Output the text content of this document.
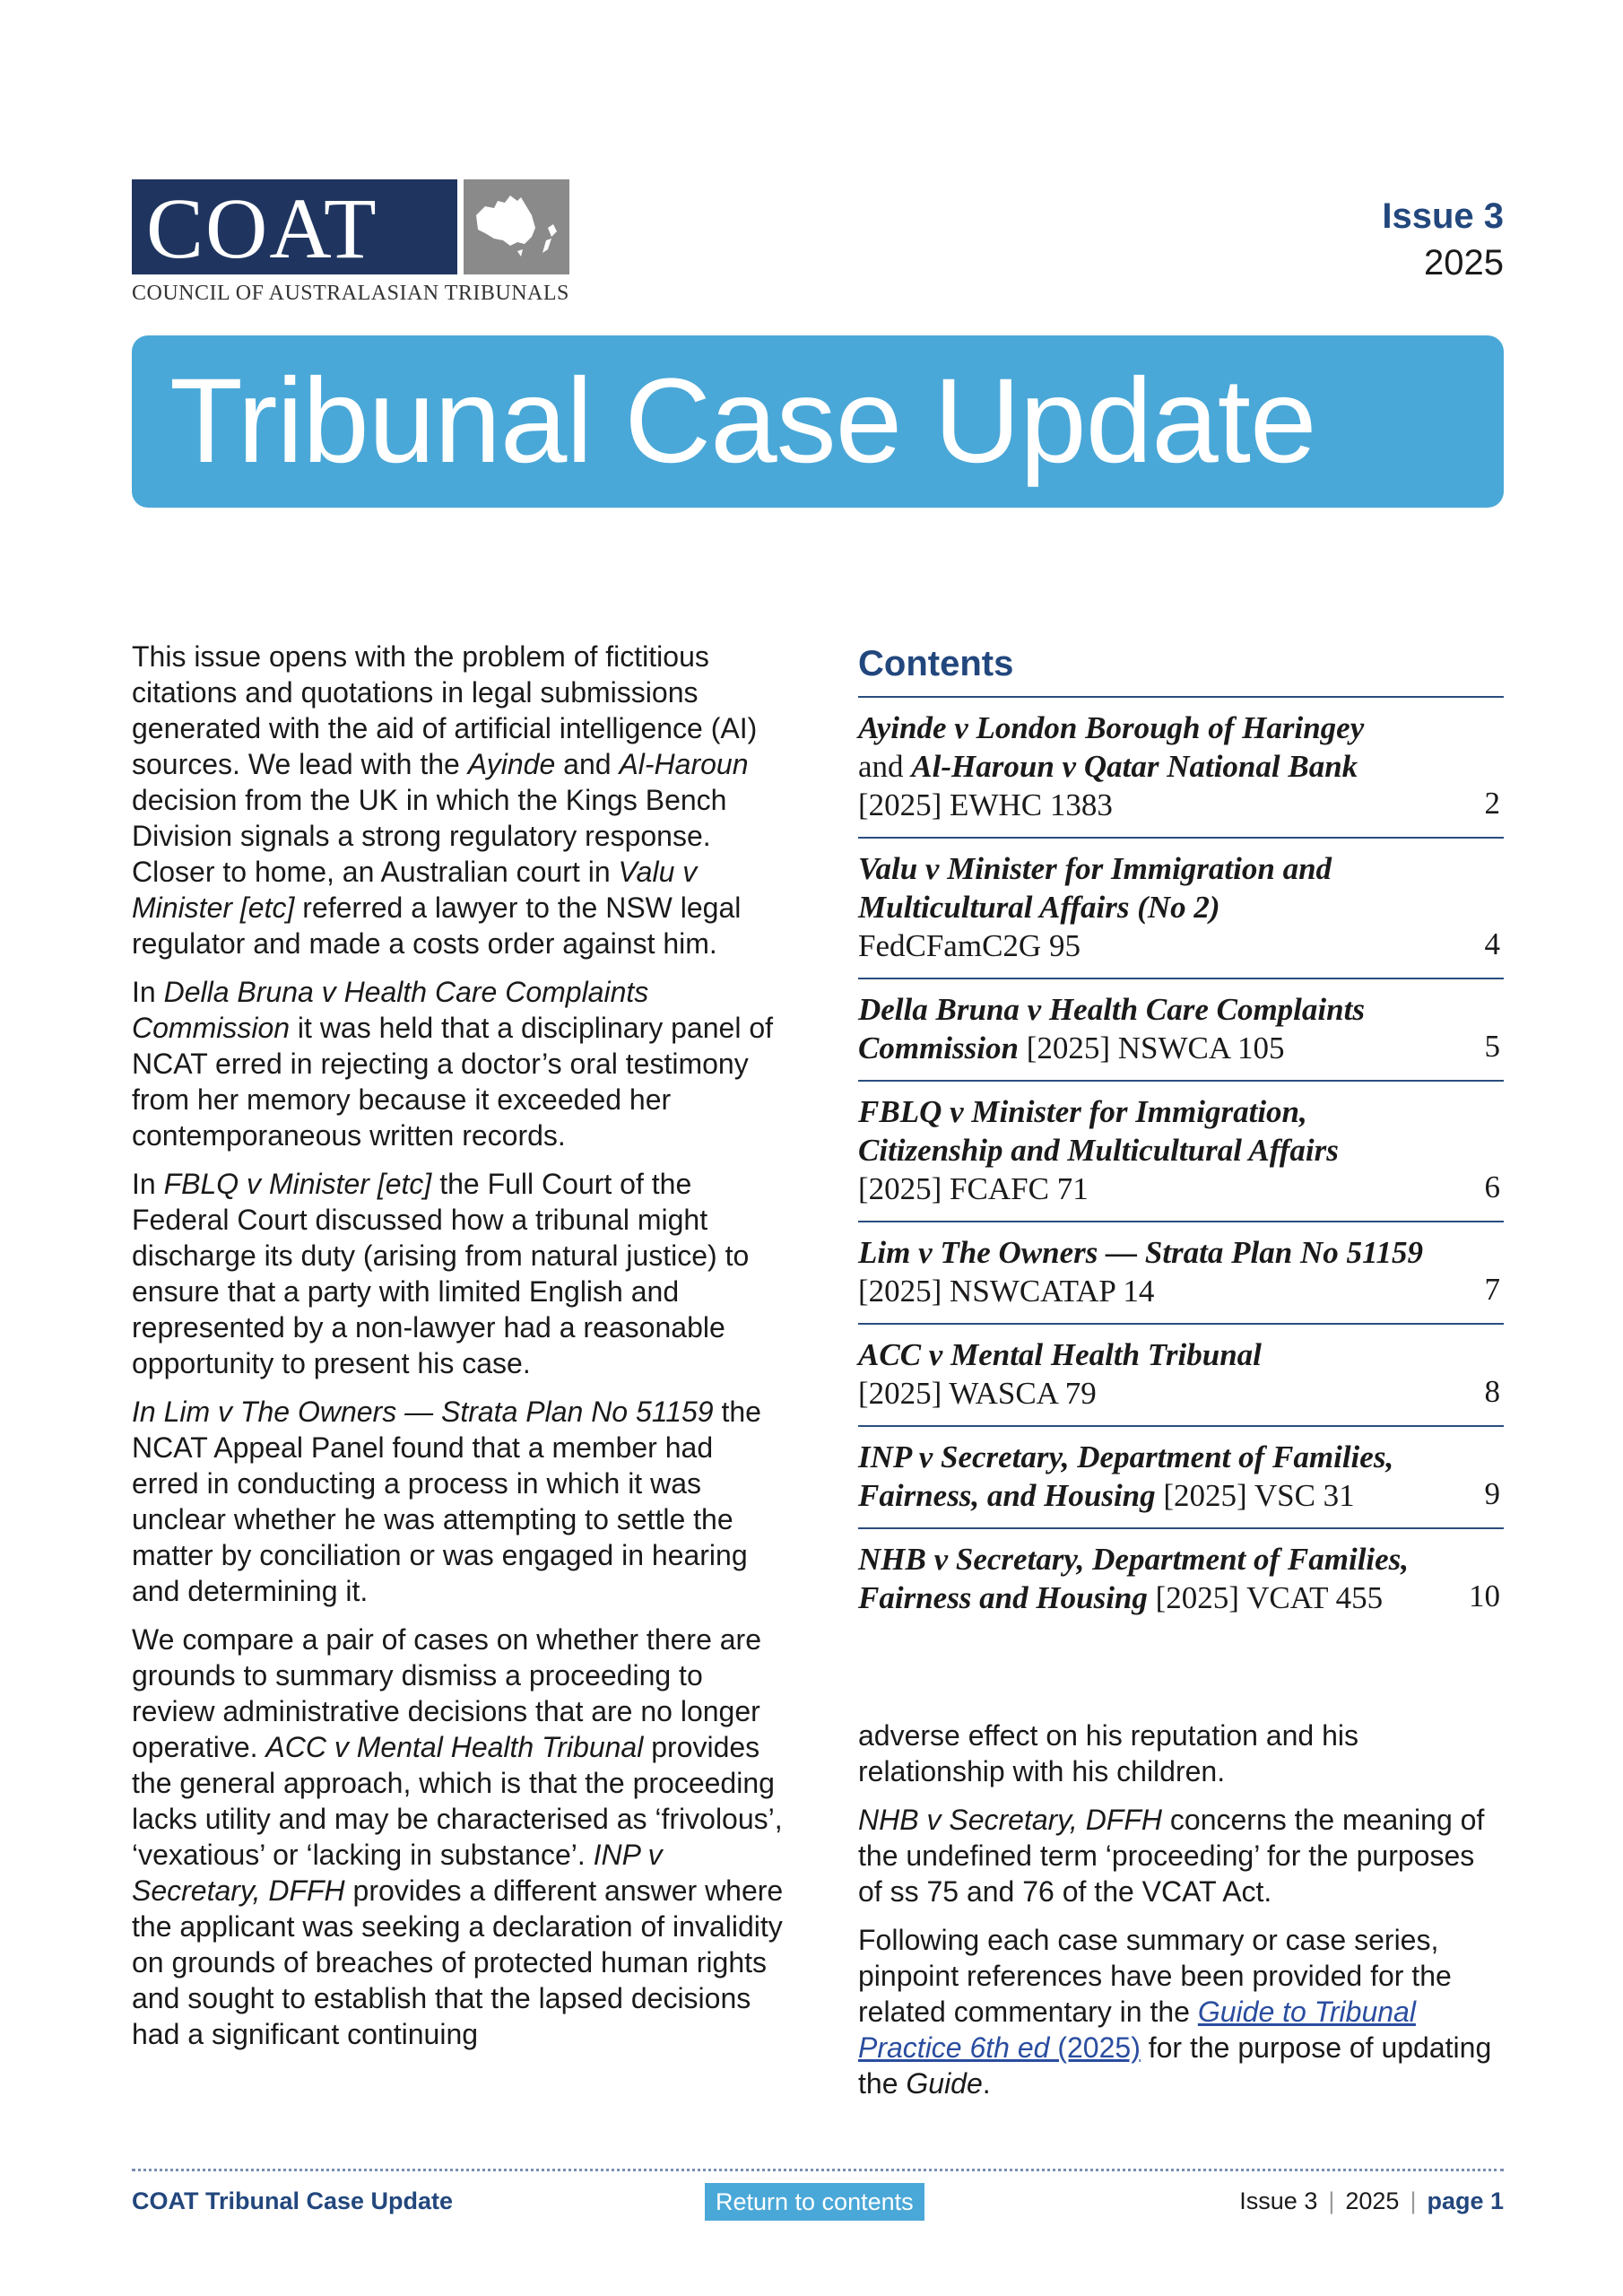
COAT
COUNCIL OF AUSTRALASIAN TRIBUNALS
Issue 3
2025
Tribunal Case Update

This issue opens with the problem of fictitious citations and quotations in legal submissions generated with the aid of artificial intelligence (AI) sources. We lead with the Ayinde and Al-Haroun decision from the UK in which the Kings Bench Division signals a strong regulatory response. Closer to home, an Australian court in Valu v Minister [etc] referred a lawyer to the NSW legal regulator and made a costs order against him.

In Della Bruna v Health Care Complaints Commission it was held that a disciplinary panel of NCAT erred in rejecting a doctor’s oral testimony from her memory because it exceeded her contemporaneous written records.

In FBLQ v Minister [etc] the Full Court of the Federal Court discussed how a tribunal might discharge its duty (arising from natural justice) to ensure that a party with limited English and represented by a non-lawyer had a reasonable opportunity to present his case.

In Lim v The Owners — Strata Plan No 51159 the NCAT Appeal Panel found that a member had erred in conducting a process in which it was unclear whether he was attempting to settle the matter by conciliation or was engaged in hearing and determining it.

We compare a pair of cases on whether there are grounds to summary dismiss a proceeding to review administrative decisions that are no longer operative. ACC v Mental Health Tribunal provides the general approach, which is that the proceeding lacks utility and may be characterised as ‘frivolous’, ‘vexatious’ or ‘lacking in substance’. INP v Secretary, DFFH provides a different answer where the applicant was seeking a declaration of invalidity on grounds of breaches of protected human rights and sought to establish that the lapsed decisions had a significant continuing

Contents
Ayinde v London Borough of Haringey
and Al-Haroun v Qatar National Bank
[2025] EWHC 1383	2
Valu v Minister for Immigration and
Multicultural Affairs (No 2)
FedCFamC2G 95	4
Della Bruna v Health Care Complaints
Commission [2025] NSWCA 105	5
FBLQ v Minister for Immigration,
Citizenship and Multicultural Affairs
[2025] FCAFC 71	6
Lim v The Owners — Strata Plan No 51159
[2025] NSWCATAP 14	7
ACC v Mental Health Tribunal
[2025] WASCA 79	8
INP v Secretary, Department of Families,
Fairness, and Housing [2025] VSC 31	9
NHB v Secretary, Department of Families,
Fairness and Housing [2025] VCAT 455	10

adverse effect on his reputation and his relationship with his children.

NHB v Secretary, DFFH concerns the meaning of the undefined term ‘proceeding’ for the purposes of ss 75 and 76 of the VCAT Act.

Following each case summary or case series, pinpoint references have been provided for the related commentary in the Guide to Tribunal Practice 6th ed (2025) for the purpose of updating the Guide.

COAT Tribunal Case Update	Return to contents	Issue 3 | 2025 | page 1
